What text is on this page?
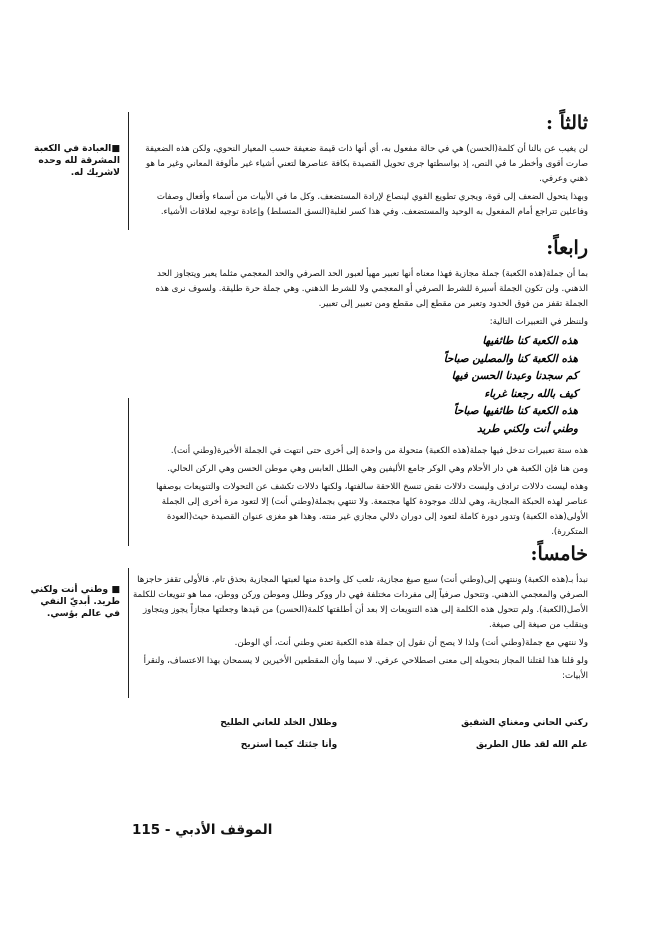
■العبادة في الكعبة المشرقة لله وحده لاشريك له.
■ وطني أنت ولكني طريد. أبديّ النفي في عالم بؤسي.
ثالثاً :

لن يغيب عن بالنا أن كلمة(الحسن) هي في حالة مفعول به، أي أنها ذات قيمة ضعيفة حسب المعيار النحوي، ولكن هذه الضعيفة صارت أقوى وأخطر ما في النص، إذ بواسطتها جرى تحويل القصيدة بكافة عناصرها لتعني أشياء غير مألوفة المعاني وغير ما هو ذهني وعرفي.

وبهذا يتحول الضعف إلى قوة، ويجري تطويع القوي لينصاع لإرادة المستضعف. وكل ما في الأبيات من أسماء وأفعال وصفات وفاعلين تتراجع أمام المفعول به الوحيد والمستضعف. وفي هذا كسر لغلبة(النسق المتسلط) وإعادة توجيه لعلاقات الأشياء.

رابعاً:

بما أن جملة(هذه الكعبة) جملة مجازية فهذا معناه أنها تعبير مهيأ لعبور الحد الصرفي والحد المعجمي مثلما يعبر ويتجاوز الحد الذهني. ولن تكون الجملة أسيرة للشرط الصرفي أو المعجمي ولا للشرط الذهني. وهي جملة حرة طليقة. ولسوف نرى هذه الجملة تقفز من فوق الحدود وتعبر من مقطع إلى مقطع ومن تعبير إلى تعبير.

ولننظر في التعبيرات التالية:

هذه الكعبة كنا طائفيها
هذه الكعبة كنا والمصلين صباحاً
كم سجدنا وعبدنا الحسن فيها
كيف بالله رجعنا غرباء
هذه الكعبة كنا طائفيها صباحاً
وطني أنت ولكني طريد

هذه ستة تعبيرات تدخل فيها جملة(هذه الكعبة) متحولة من واحدة إلى أخرى حتى انتهت في الجملة الأخيرة(وطني أنت).

ومن هنا فإن الكعبة هي دار الأحلام وهي الوكر جامع الأليفين وهي الطلل العابس وهي موطن الحسن وهي الركن الحالي.

وهذه ليست دلالات ترادف وليست دلالات نقض تنسخ اللاحقة سالفتها، ولكنها دلالات تكشف عن التحولات والتنويعات بوصفها عناصر لهذه الحبكة المجازية، وهي لذلك موجودة كلها مجتمعة. ولا تنتهي بجملة(وطني أنت) إلا لتعود مرة أخرى إلى الجملة الأولى(هذه الكعبة) وتدور دورة كاملة لتعود إلى دوران دلالي مجازي غير منته. وهذا هو مغزى عنوان القصيدة حيث(العودة المتكررة).

خامساً:

نبدأ بـ(هذه الكعبة) وننتهي إلى(وطني أنت) سبع صيغ مجازية، تلعب كل واحدة منها لعبتها المجازية بحذق تام. فالأولى تقفز حاجزها الصرفي والمعجمي الذهني. وتتحول صرفياً إلى مفردات مختلفة فهي دار ووكر وطلل وموطن وركن ووطن، مما هو تنويعات للكلمة الأصل(الكعبة). ولم تتحول هذه الكلمة إلى هذه التنويعات إلا بعد أن أطلقتها كلمة(الحسن) من قيدها وجعلتها مجازاً يجوز ويتجاوز وينقلب من صيغة إلى صيغة.

ولا ننتهي مع جملة(وطني أنت) ولذا لا يصح أن نقول إن جملة هذه الكعبة تعني وطني أنت، أي الوطن.

ولو قلنا هذا لقتلنا المجاز بتحويله إلى معنى اصطلاحي عرفي. لا سيما وأن المقطعين الأخيرين لا يسمحان بهذا الاعتساف، ولنقرأ الأبيات:

ركني الحاني ومغناي الشفيق
وظلال الخلد للعاني الطليح
علم الله لقد طال الطريق
وأنا جئتك كيما أستريح
الموقف الأدبي - 115
